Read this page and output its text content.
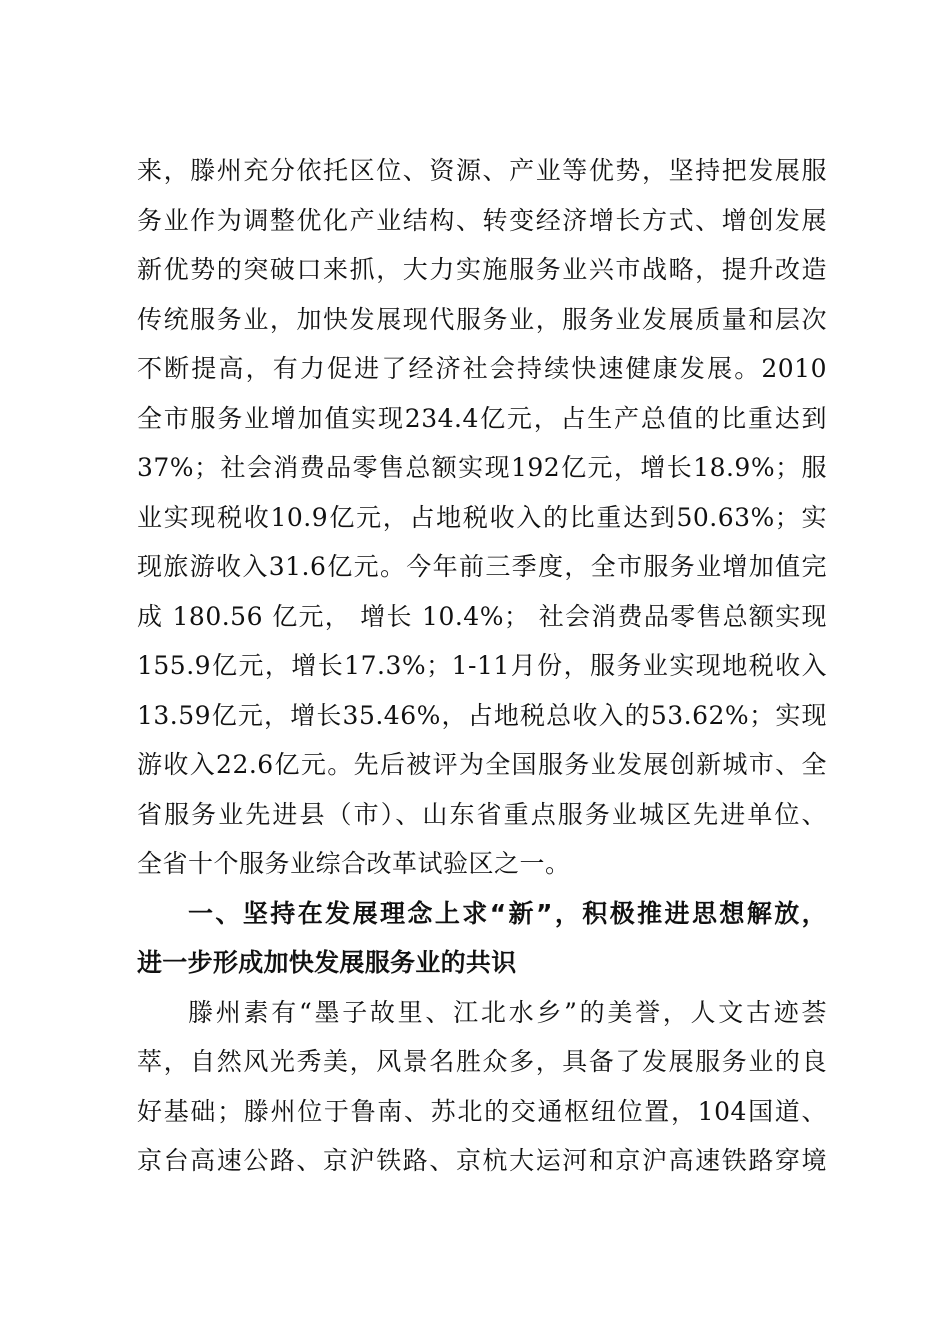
来，滕州充分依托区位、资源、产业等优势，坚持把发展服
务业作为调整优化产业结构、转变经济增长方式、增创发展
新优势的突破口来抓，大力实施服务业兴市战略，提升改造
传统服务业，加快发展现代服务业，服务业发展质量和层次
不断提高，有力促进了经济社会持续快速健康发展。2010
全市服务业增加值实现234.4亿元，占生产总值的比重达到
37%；社会消费品零售总额实现192亿元，增长18.9%；服
业实现税收10.9亿元，占地税收入的比重达到50.63%；实
现旅游收入31.6亿元。今年前三季度，全市服务业增加值完
成 180.56 亿元， 增长 10.4%； 社会消费品零售总额实现
155.9亿元，增长17.3%；1-11月份，服务业实现地税收入
13.59亿元，增长35.46%，占地税总收入的53.62%；实现
游收入22.6亿元。先后被评为全国服务业发展创新城市、全
省服务业先进县（市）、山东省重点服务业城区先进单位、
全省十个服务业综合改革试验区之一。
一、坚持在发展理念上求“新”，积极推进思想解放，
进一步形成加快发展服务业的共识
滕州素有“墨子故里、江北水乡”的美誉，人文古迹荟
萃，自然风光秀美，风景名胜众多，具备了发展服务业的良
好基础；滕州位于鲁南、苏北的交通枢纽位置，104国道、
京台高速公路、京沪铁路、京杭大运河和京沪高速铁路穿境
